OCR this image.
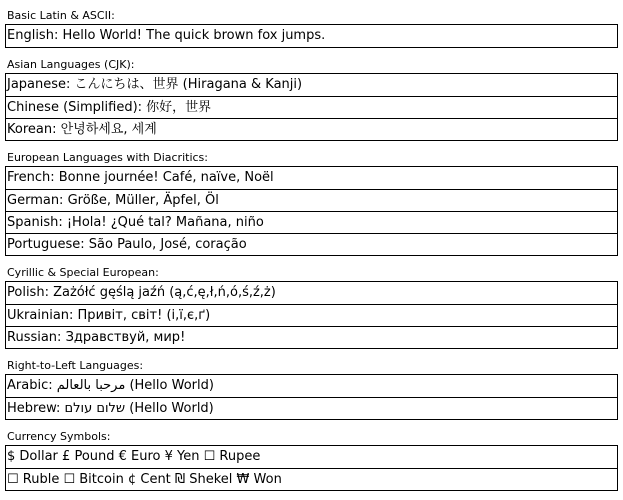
Basic Latin & ASCII:
English: Hello World! The quick brown fox jumps.
Asian Languages (CJK):
Japanese: こんにちは、世界 (Hiragana & Kanji)
Chinese (Simplified): 你好，世界
Korean: 안녕하세요, 세계
European Languages with Diacritics:
French: Bonne journée! Café, naïve, Noël
German: Größe, Müller, Äpfel, Öl
Spanish: ¡Hola! ¿Qué tal? Mañana, niño
Portuguese: São Paulo, José, coração
Cyrillic & Special European:
Polish: Zażółć gęślą jaźń (ą,ć,ę,ł,ń,ó,ś,ź,ż)
Ukrainian: Привіт, світ! (і,ї,є,ґ)
Russian: Здравствуй, мир!
Right-to-Left Languages:
Arabic: مرحبا بالعالم (Hello World)
Hebrew: שלום עולם (Hello World)
Currency Symbols:
$ Dollar £ Pound € Euro ¥ Yen ☐ Rupee
☐ Ruble ☐ Bitcoin ¢ Cent ₪ Shekel ₩ Won
